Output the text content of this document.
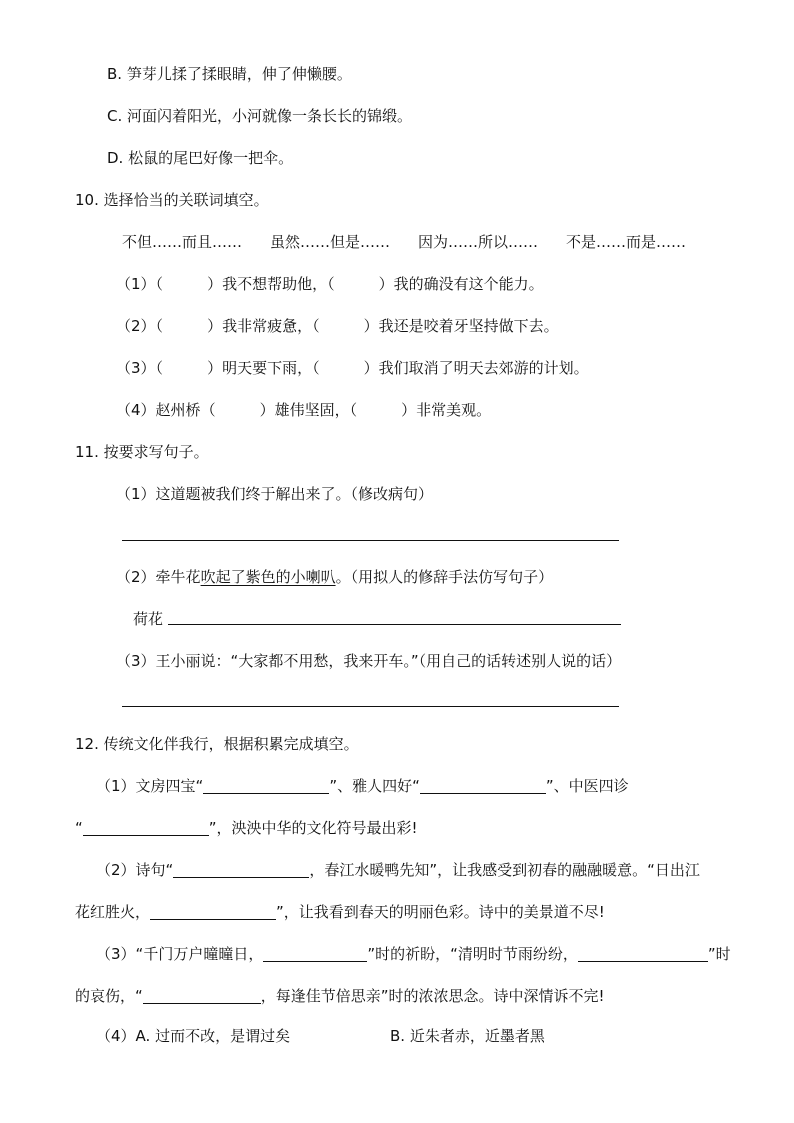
B. 笋芽儿揉了揉眼睛，伸了伸懒腰。
C. 河面闪着阳光，小河就像一条长长的锦缎。
D. 松鼠的尾巴好像一把伞。
10. 选择恰当的关联词填空。
不但……而且…… 虽然……但是…… 因为……所以…… 不是……而是……
（1）（	）我不想帮助他，（	）我的确没有这个能力。
（2）（	）我非常疲惫，（	）我还是咬着牙坚持做下去。
（3）（	）明天要下雨，（	）我们取消了明天去郊游的计划。
（4）赵州桥（	）雄伟坚固，（	）非常美观。
11. 按要求写句子。
（1）这道题被我们终于解出来了。（修改病句）
（2）牵牛花吹起了紫色的小喇叭。（用拟人的修辞手法仿写句子）
荷花
（3）王小丽说：“大家都不用愁，我来开车。”（用自己的话转述别人说的话）
12. 传统文化伴我行，根据积累完成填空。
（1）文房四宝“	”、雅人四好“	”、中医四诊
“	”，泱泱中华的文化符号最出彩!
（2）诗句“	，春江水暖鸭先知”，让我感受到初春的融融暖意。“日出江
花红胜火，	”，让我看到春天的明丽色彩。诗中的美景道不尽!
（3）“千门万户曈曈日，	”时的祈盼，“清明时节雨纷纷，	”时
的哀伤，“	，每逢佳节倍思亲”时的浓浓思念。诗中深情诉不完!
（4）A. 过而不改，是谓过矣	B. 近朱者赤，近墨者黑
